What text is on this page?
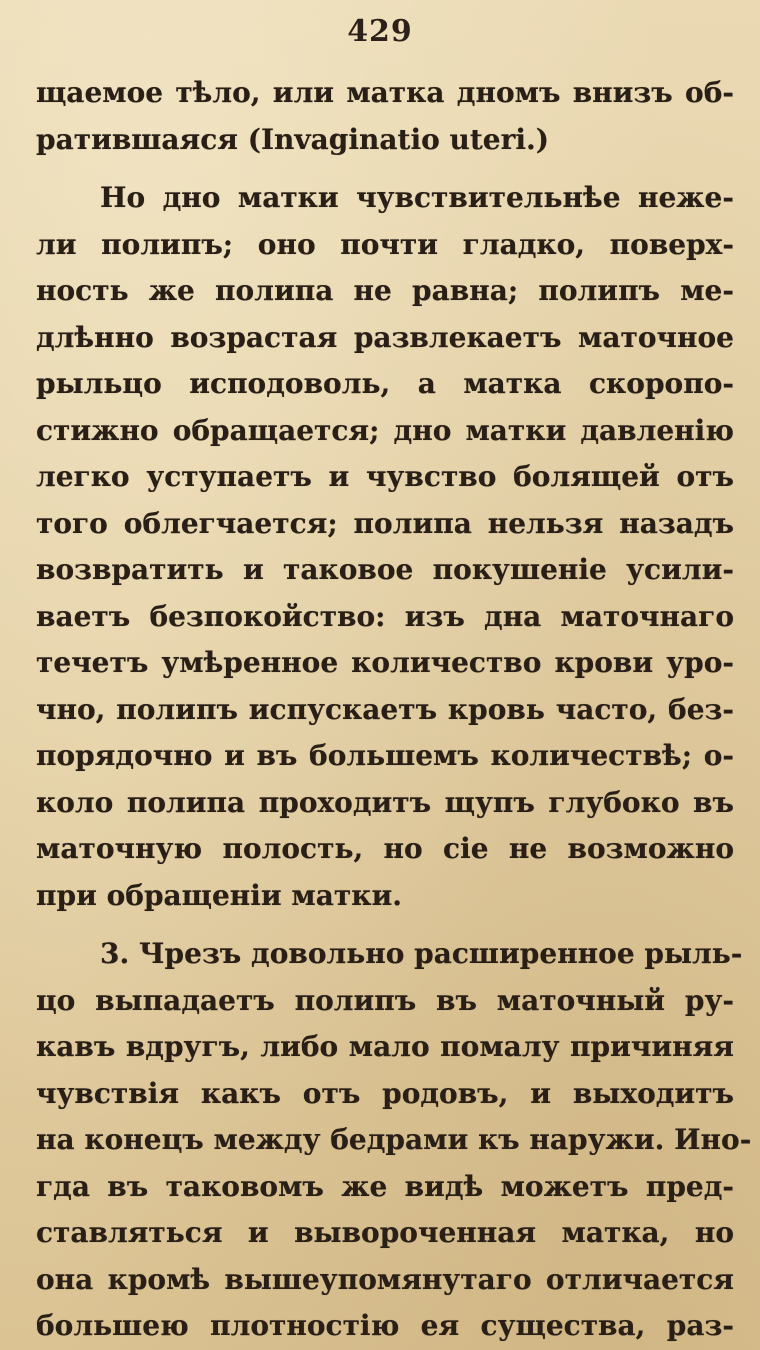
429
щаемое тѣло, или матка дномъ внизъ об-
ратившаяся (Invaginatio uteri.)
Но дно матки чувствительнѣе неже-
ли полипъ; оно почти гладко, поверх-
ность же полипа не равна; полипъ ме-
длѣнно возрастая развлекаетъ маточное
рыльцо исподоволь, а матка скоропо-
стижно обращается; дно матки давленію
легко уступаетъ и чувство болящей отъ
того облегчается; полипа нельзя назадъ
возвратить и таковое покушеніе усили-
ваетъ безпокойство: изъ дна маточнаго
течетъ умѣренное количество крови уро-
чно, полипъ испускаетъ кровь часто, без-
порядочно и въ большемъ количествѣ; о-
коло полипа проходитъ щупъ глубоко въ
маточную полость, но сіе не возможно
при обращеніи матки.
3. Чрезъ довольно расширенное рыль-
цо выпадаетъ полипъ въ маточный ру-
кавъ вдругъ, либо мало помалу причиняя
чувствія какъ отъ родовъ, и выходитъ
на конецъ между бедрами къ наружи. Ино-
гда въ таковомъ же видѣ можетъ пред-
ставляться и вывороченная матка, но
она кромѣ вышеупомянутаго отличается
большею плотностію ея существа, раз-
